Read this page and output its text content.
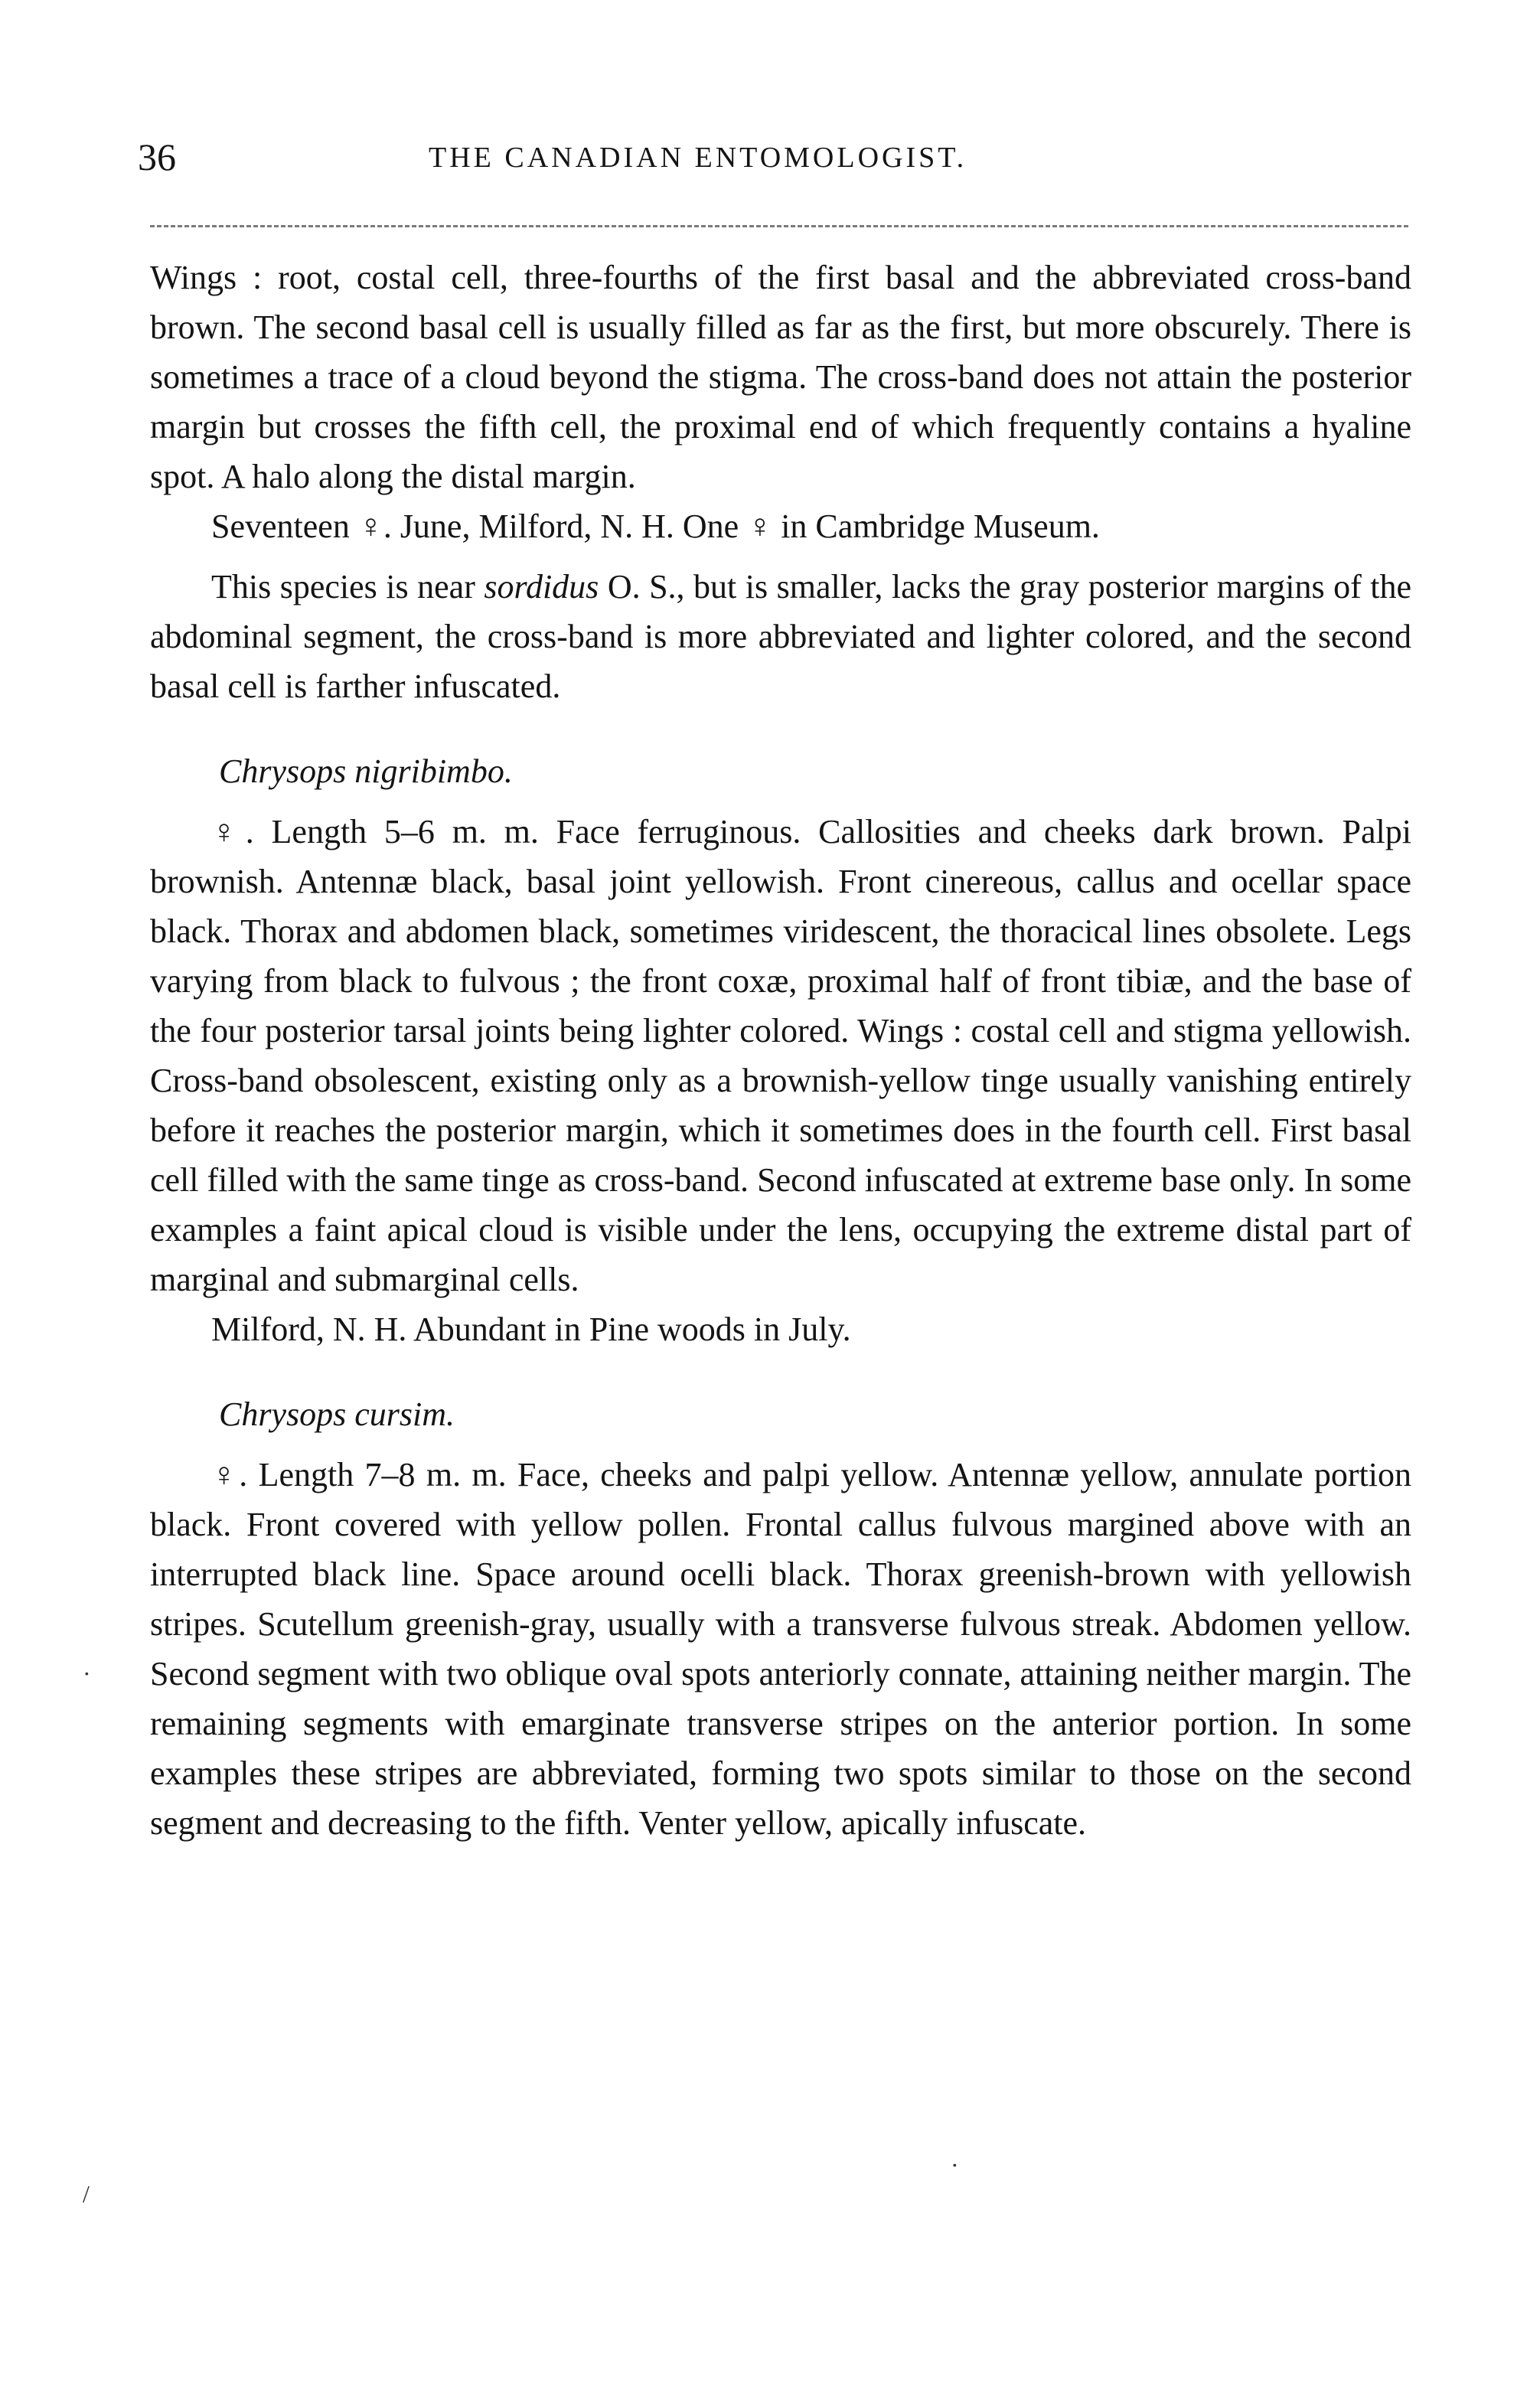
36	THE CANADIAN ENTOMOLOGIST.

Wings : root, costal cell, three-fourths of the first basal and the abbreviated cross-band brown. The second basal cell is usually filled as far as the first, but more obscurely. There is sometimes a trace of a cloud beyond the stigma. The cross-band does not attain the posterior margin but crosses the fifth cell, the proximal end of which frequently contains a hyaline spot. A halo along the distal margin.

Seventeen ♀. June, Milford, N. H. One ♀ in Cambridge Museum.

This species is near sordidus O. S., but is smaller, lacks the gray posterior margins of the abdominal segment, the cross-band is more abbreviated and lighter colored, and the second basal cell is farther infuscated.

Chrysops nigribimbo.

♀. Length 5–6 m. m. Face ferruginous. Callosities and cheeks dark brown. Palpi brownish. Antennæ black, basal joint yellowish. Front cinereous, callus and ocellar space black. Thorax and abdomen black, sometimes viridescent, the thoracical lines obsolete. Legs varying from black to fulvous ; the front coxæ, proximal half of front tibiæ, and the base of the four posterior tarsal joints being lighter colored. Wings : costal cell and stigma yellowish. Cross-band obsolescent, existing only as a brownish-yellow tinge usually vanishing entirely before it reaches the posterior margin, which it sometimes does in the fourth cell. First basal cell filled with the same tinge as cross-band. Second infuscated at extreme base only. In some examples a faint apical cloud is visible under the lens, occupying the extreme distal part of marginal and submarginal cells.

Milford, N. H. Abundant in Pine woods in July.

Chrysops cursim.

♀. Length 7–8 m. m. Face, cheeks and palpi yellow. Antennæ yellow, annulate portion black. Front covered with yellow pollen. Frontal callus fulvous margined above with an interrupted black line. Space around ocelli black. Thorax greenish-brown with yellowish stripes. Scutellum greenish-gray, usually with a transverse fulvous streak. Abdomen yellow. Second segment with two oblique oval spots anteriorly connate, attaining neither margin. The remaining segments with emarginate transverse stripes on the anterior portion. In some examples these stripes are abbreviated, forming two spots similar to those on the second segment and decreasing to the fifth. Venter yellow, apically infuscate.

·
/
·
